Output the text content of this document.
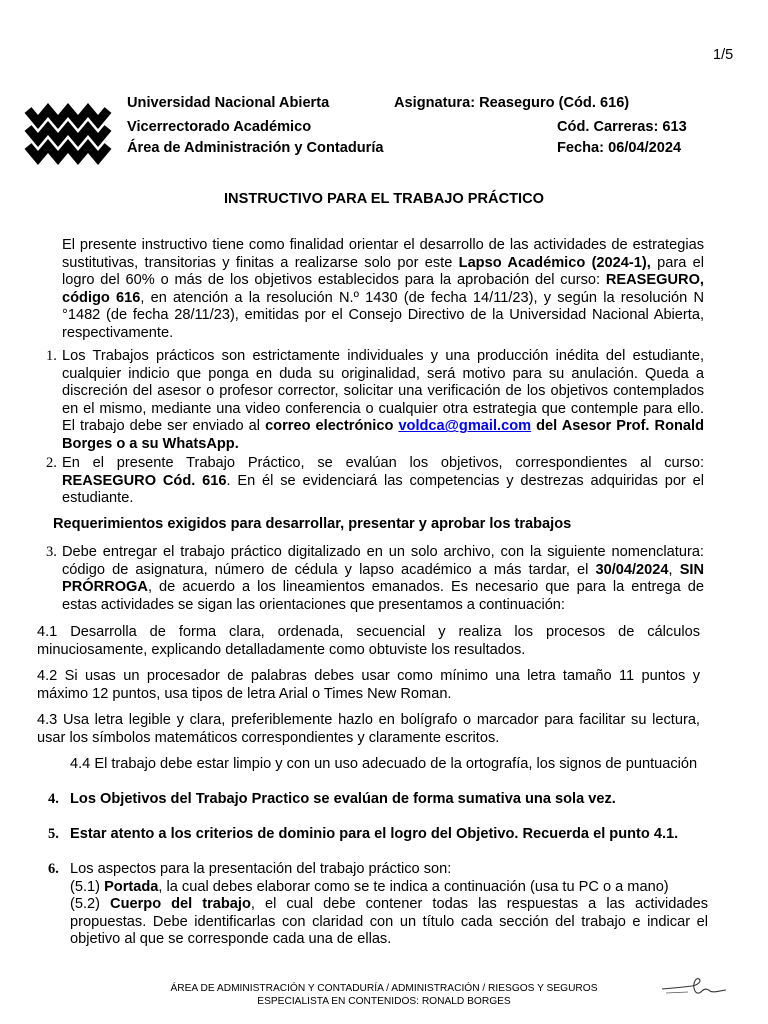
1/5
Universidad Nacional Abierta
Vicerrectorado Académico
Área de Administración y Contaduría
Asignatura: Reaseguro (Cód. 616)
Cód. Carreras: 613
Fecha: 06/04/2024
INSTRUCTIVO PARA EL TRABAJO PRÁCTICO
El presente instructivo tiene como finalidad orientar el desarrollo de las actividades de estrategias sustitutivas, transitorias y finitas a realizarse solo por este Lapso Académico (2024-1), para el logro del 60% o más de los objetivos establecidos para la aprobación del curso: REASEGURO, código 616, en atención a la resolución N.º 1430 (de fecha 14/11/23), y según la resolución N °1482 (de fecha 28/11/23), emitidas por el Consejo Directivo de la Universidad Nacional Abierta, respectivamente.
1. Los Trabajos prácticos son estrictamente individuales y una producción inédita del estudiante, cualquier indicio que ponga en duda su originalidad, será motivo para su anulación. Queda a discreción del asesor o profesor corrector, solicitar una verificación de los objetivos contemplados en el mismo, mediante una video conferencia o cualquier otra estrategia que contemple para ello. El trabajo debe ser enviado al correo electrónico voldca@gmail.com del Asesor Prof. Ronald Borges o a su WhatsApp.
2. En el presente Trabajo Práctico, se evalúan los objetivos, correspondientes al curso: REASEGURO Cód. 616. En él se evidenciará las competencias y destrezas adquiridas por el estudiante.
Requerimientos exigidos para desarrollar, presentar y aprobar los trabajos
3. Debe entregar el trabajo práctico digitalizado en un solo archivo, con la siguiente nomenclatura: código de asignatura, número de cédula y lapso académico a más tardar, el 30/04/2024, SIN PRÓRROGA, de acuerdo a los lineamientos emanados. Es necesario que para la entrega de estas actividades se sigan las orientaciones que presentamos a continuación:
4.1 Desarrolla de forma clara, ordenada, secuencial y realiza los procesos de cálculos minuciosamente, explicando detalladamente como obtuviste los resultados.
4.2 Si usas un procesador de palabras debes usar como mínimo una letra tamaño 11 puntos y máximo 12 puntos, usa tipos de letra Arial o Times New Roman.
4.3 Usa letra legible y clara, preferiblemente hazlo en bolígrafo o marcador para facilitar su lectura, usar los símbolos matemáticos correspondientes y claramente escritos.
4.4 El trabajo debe estar limpio y con un uso adecuado de la ortografía, los signos de puntuación
4. Los Objetivos del Trabajo Practico se evalúan de forma sumativa una sola vez.
5. Estar atento a los criterios de dominio para el logro del Objetivo. Recuerda el punto 4.1.
6. Los aspectos para la presentación del trabajo práctico son:
(5.1) Portada, la cual debes elaborar como se te indica a continuación (usa tu PC o a mano)
(5.2) Cuerpo del trabajo, el cual debe contener todas las respuestas a las actividades propuestas. Debe identificarlas con claridad con un título cada sección del trabajo e indicar el objetivo al que se corresponde cada una de ellas.
ÁREA DE ADMINISTRACIÓN Y CONTADURÍA / ADMINISTRACIÓN / RIESGOS Y SEGUROS
ESPECIALISTA EN CONTENIDOS: RONALD BORGES
